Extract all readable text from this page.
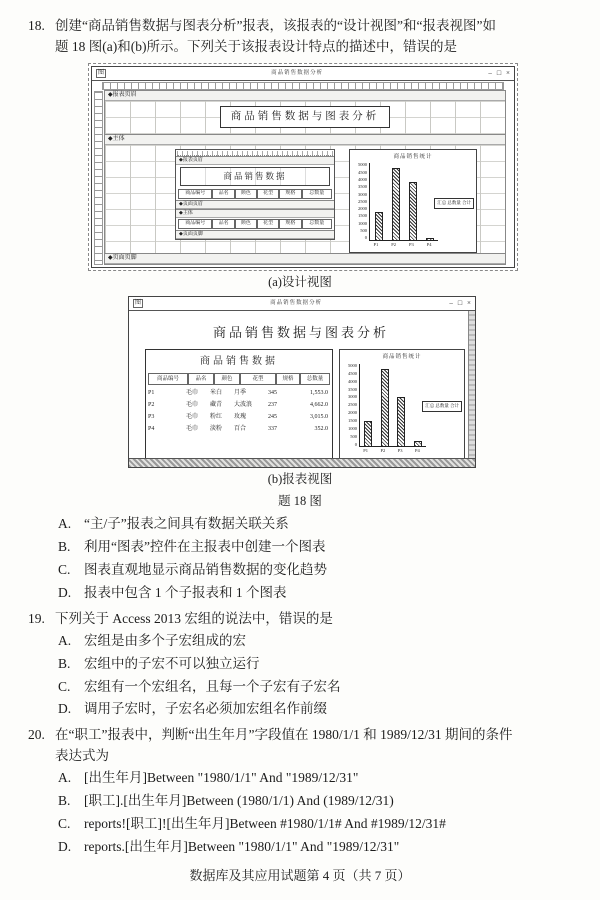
18. 创建“商品销售数据与图表分析”报表，该报表的“设计视图”和“报表视图”如
题 18 图(a)和(b)所示。下列关于该报表设计特点的描述中，错误的是
图	商品销售数据分析	– □ ×
◆报表页眉
商品销售数据与图表分析
◆主体
◆报表页眉
商品销售数据
商品编号	品名	颜色	花型	规格	总数量
◆页面页眉
◆主体
商品编号	品名	颜色	花型	规格	总数量
◆页面页脚
商品销售统计
5000
4500
4000
3500
3000
2500
2000
1500
1000
500
0
汇总 总数量 合计
P1	P2	P3	P4
◆页面页脚
(a)设计视图
图	商品销售数据分析	– □ ×
商品销售数据与图表分析
商品销售数据
商品编号	品名	颜色	花型	规格	总数量
P1	毛巾	米白	月季	345	1,553.0
P2	毛巾	藏青	大波浪	237	4,662.0
P3	毛巾	粉红	玫瑰	245	3,015.0
P4	毛巾	淡粉	百合	337	352.0
商品销售统计
5000
4500
4000
3500
3000
2500
2000
1500
1000
500
0
汇总 总数量 合计
P1	P2	P3	P4
(b)报表视图
题 18 图
A. “主/子”报表之间具有数据关联关系
B.	利用“图表”控件在主报表中创建一个图表
C.	图表直观地显示商品销售数据的变化趋势
D. 报表中包含 1 个子报表和 1 个图表
19. 下列关于 Access 2013 宏组的说法中，错误的是
A. 宏组是由多个子宏组成的宏
B.	宏组中的子宏不可以独立运行
C.	宏组有一个宏组名，且每一个子宏有子宏名
D. 调用子宏时，子宏名必须加宏组名作前缀
20. 在“职工”报表中，判断“出生年月”字段值在 1980/1/1 和 1989/12/31 期间的条件
表达式为
A. [出生年月]Between "1980/1/1" And "1989/12/31"
B.	[职工].[出生年月]Between (1980/1/1) And (1989/12/31)
C.	reports![职工]![出生年月]Between #1980/1/1# And #1989/12/31#
D. reports.[出生年月]Between "1980/1/1" And "1989/12/31"
数据库及其应用试题第 4 页（共 7 页）
